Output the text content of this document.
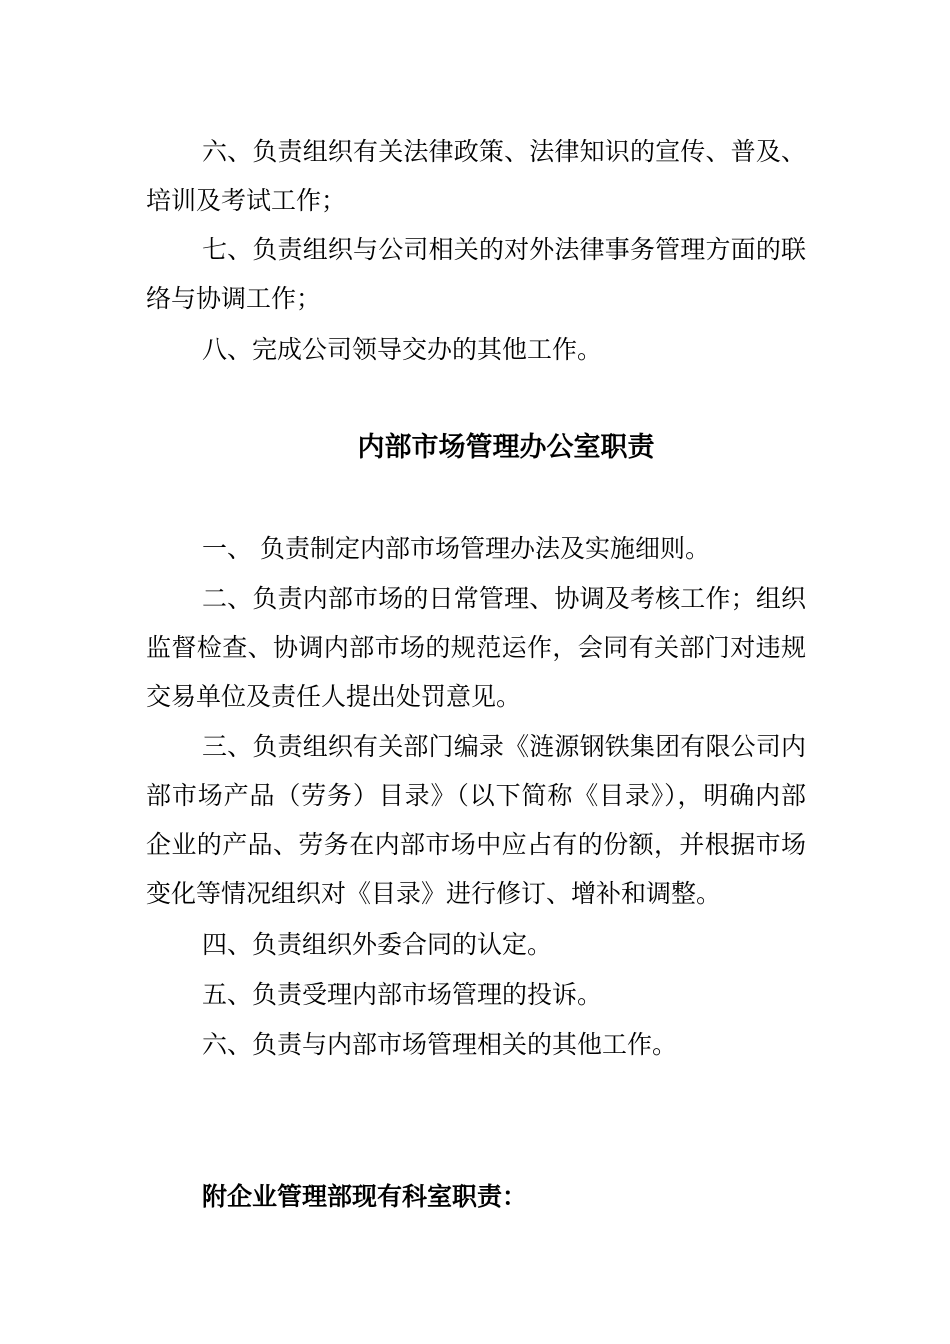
六、负责组织有关法律政策、法律知识的宣传、普及、培训及考试工作；

七、负责组织与公司相关的对外法律事务管理方面的联络与协调工作；

八、完成公司领导交办的其他工作。

内部市场管理办公室职责

一、 负责制定内部市场管理办法及实施细则。

二、负责内部市场的日常管理、协调及考核工作；组织监督检查、协调内部市场的规范运作，会同有关部门对违规交易单位及责任人提出处罚意见。

三、负责组织有关部门编录《涟源钢铁集团有限公司内部市场产品（劳务）目录》（以下简称《目录》），明确内部企业的产品、劳务在内部市场中应占有的份额，并根据市场变化等情况组织对《目录》进行修订、增补和调整。

四、负责组织外委合同的认定。

五、负责受理内部市场管理的投诉。

六、负责与内部市场管理相关的其他工作。

附企业管理部现有科室职责：
